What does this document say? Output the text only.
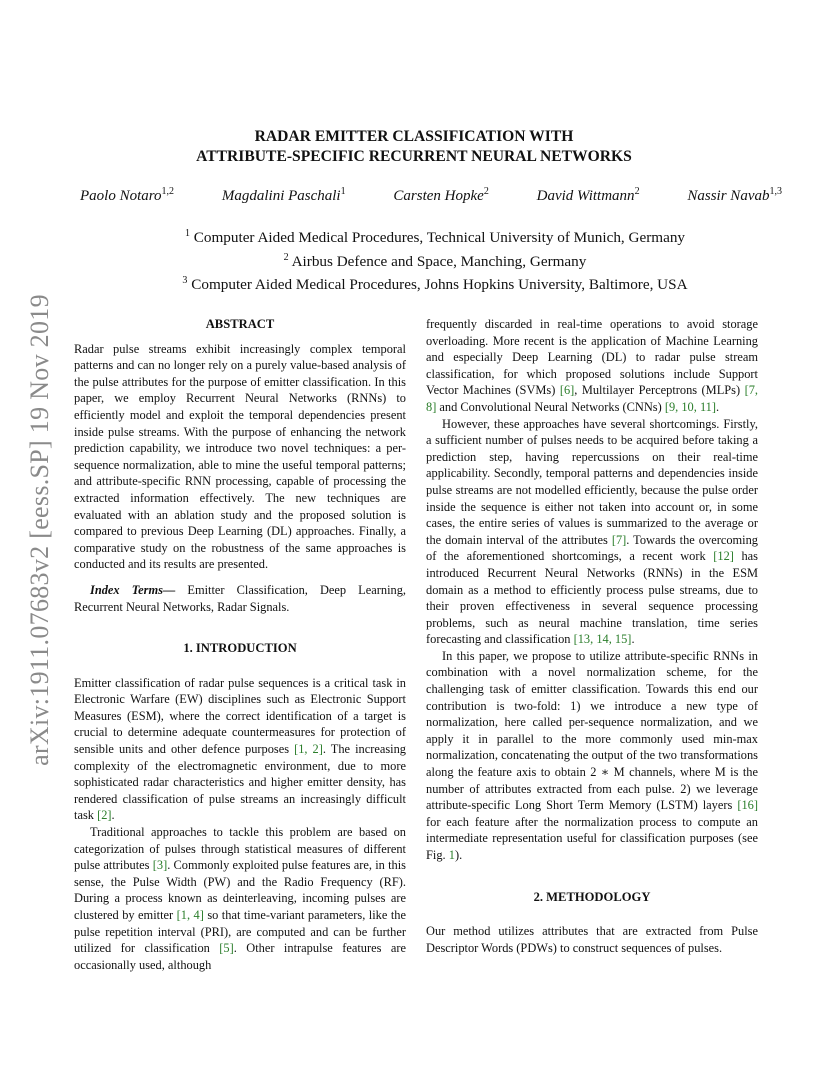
arXiv:1911.07683v2 [eess.SP] 19 Nov 2019
RADAR EMITTER CLASSIFICATION WITH
ATTRIBUTE-SPECIFIC RECURRENT NEURAL NETWORKS
Paolo Notaro$^{1,2}$	Magdalini Paschali$^1$	Carsten Hopke$^2$	David Wittmann$^2$	Nassir Navab$^{1,3}$
$^1$ Computer Aided Medical Procedures, Technical University of Munich, Germany
$^2$ Airbus Defence and Space, Manching, Germany
$^3$ Computer Aided Medical Procedures, Johns Hopkins University, Baltimore, USA
ABSTRACT

Radar pulse streams exhibit increasingly complex temporal patterns and can no longer rely on a purely value-based analysis of the pulse attributes for the purpose of emitter classification. In this paper, we employ Recurrent Neural Networks (RNNs) to efficiently model and exploit the temporal dependencies present inside pulse streams. With the purpose of enhancing the network prediction capability, we introduce two novel techniques: a per-sequence normalization, able to mine the useful temporal patterns; and attribute-specific RNN processing, capable of processing the extracted information effectively. The new techniques are evaluated with an ablation study and the proposed solution is compared to previous Deep Learning (DL) approaches. Finally, a comparative study on the robustness of the same approaches is conducted and its results are presented.

Index Terms— Emitter Classification, Deep Learning, Recurrent Neural Networks, Radar Signals.

1. INTRODUCTION

Emitter classification of radar pulse sequences is a critical task in Electronic Warfare (EW) disciplines such as Electronic Support Measures (ESM), where the correct identification of a target is crucial to determine adequate countermeasures for protection of sensible units and other defence purposes [1, 2]. The increasing complexity of the electromagnetic environment, due to more sophisticated radar characteristics and higher emitter density, has rendered classification of pulse streams an increasingly difficult task [2].

Traditional approaches to tackle this problem are based on categorization of pulses through statistical measures of different pulse attributes [3]. Commonly exploited pulse features are, in this sense, the Pulse Width (PW) and the Radio Frequency (RF). During a process known as deinterleaving, incoming pulses are clustered by emitter [1, 4] so that time-variant parameters, like the pulse repetition interval (PRI), are computed and can be further utilized for classification [5]. Other intrapulse features are occasionally used, although

frequently discarded in real-time operations to avoid storage overloading. More recent is the application of Machine Learning and especially Deep Learning (DL) to radar pulse stream classification, for which proposed solutions include Support Vector Machines (SVMs) [6], Multilayer Perceptrons (MLPs) [7, 8] and Convolutional Neural Networks (CNNs) [9, 10, 11].

However, these approaches have several shortcomings. Firstly, a sufficient number of pulses needs to be acquired before taking a prediction step, having repercussions on their real-time applicability. Secondly, temporal patterns and dependencies inside pulse streams are not modelled efficiently, because the pulse order inside the sequence is either not taken into account or, in some cases, the entire series of values is summarized to the average or the domain interval of the attributes [7]. Towards the overcoming of the aforementioned shortcomings, a recent work [12] has introduced Recurrent Neural Networks (RNNs) in the ESM domain as a method to efficiently process pulse streams, due to their proven effectiveness in several sequence processing problems, such as neural machine translation, time series forecasting and classification [13, 14, 15].

In this paper, we propose to utilize attribute-specific RNNs in combination with a novel normalization scheme, for the challenging task of emitter classification. Towards this end our contribution is two-fold: 1) we introduce a new type of normalization, here called per-sequence normalization, and we apply it in parallel to the more commonly used min-max normalization, concatenating the output of the two transformations along the feature axis to obtain 2 ∗ M channels, where M is the number of attributes extracted from each pulse. 2) we leverage attribute-specific Long Short Term Memory (LSTM) layers [16] for each feature after the normalization process to compute an intermediate representation useful for classification purposes (see Fig. 1).

2. METHODOLOGY

Our method utilizes attributes that are extracted from Pulse Descriptor Words (PDWs) to construct sequences of pulses.
